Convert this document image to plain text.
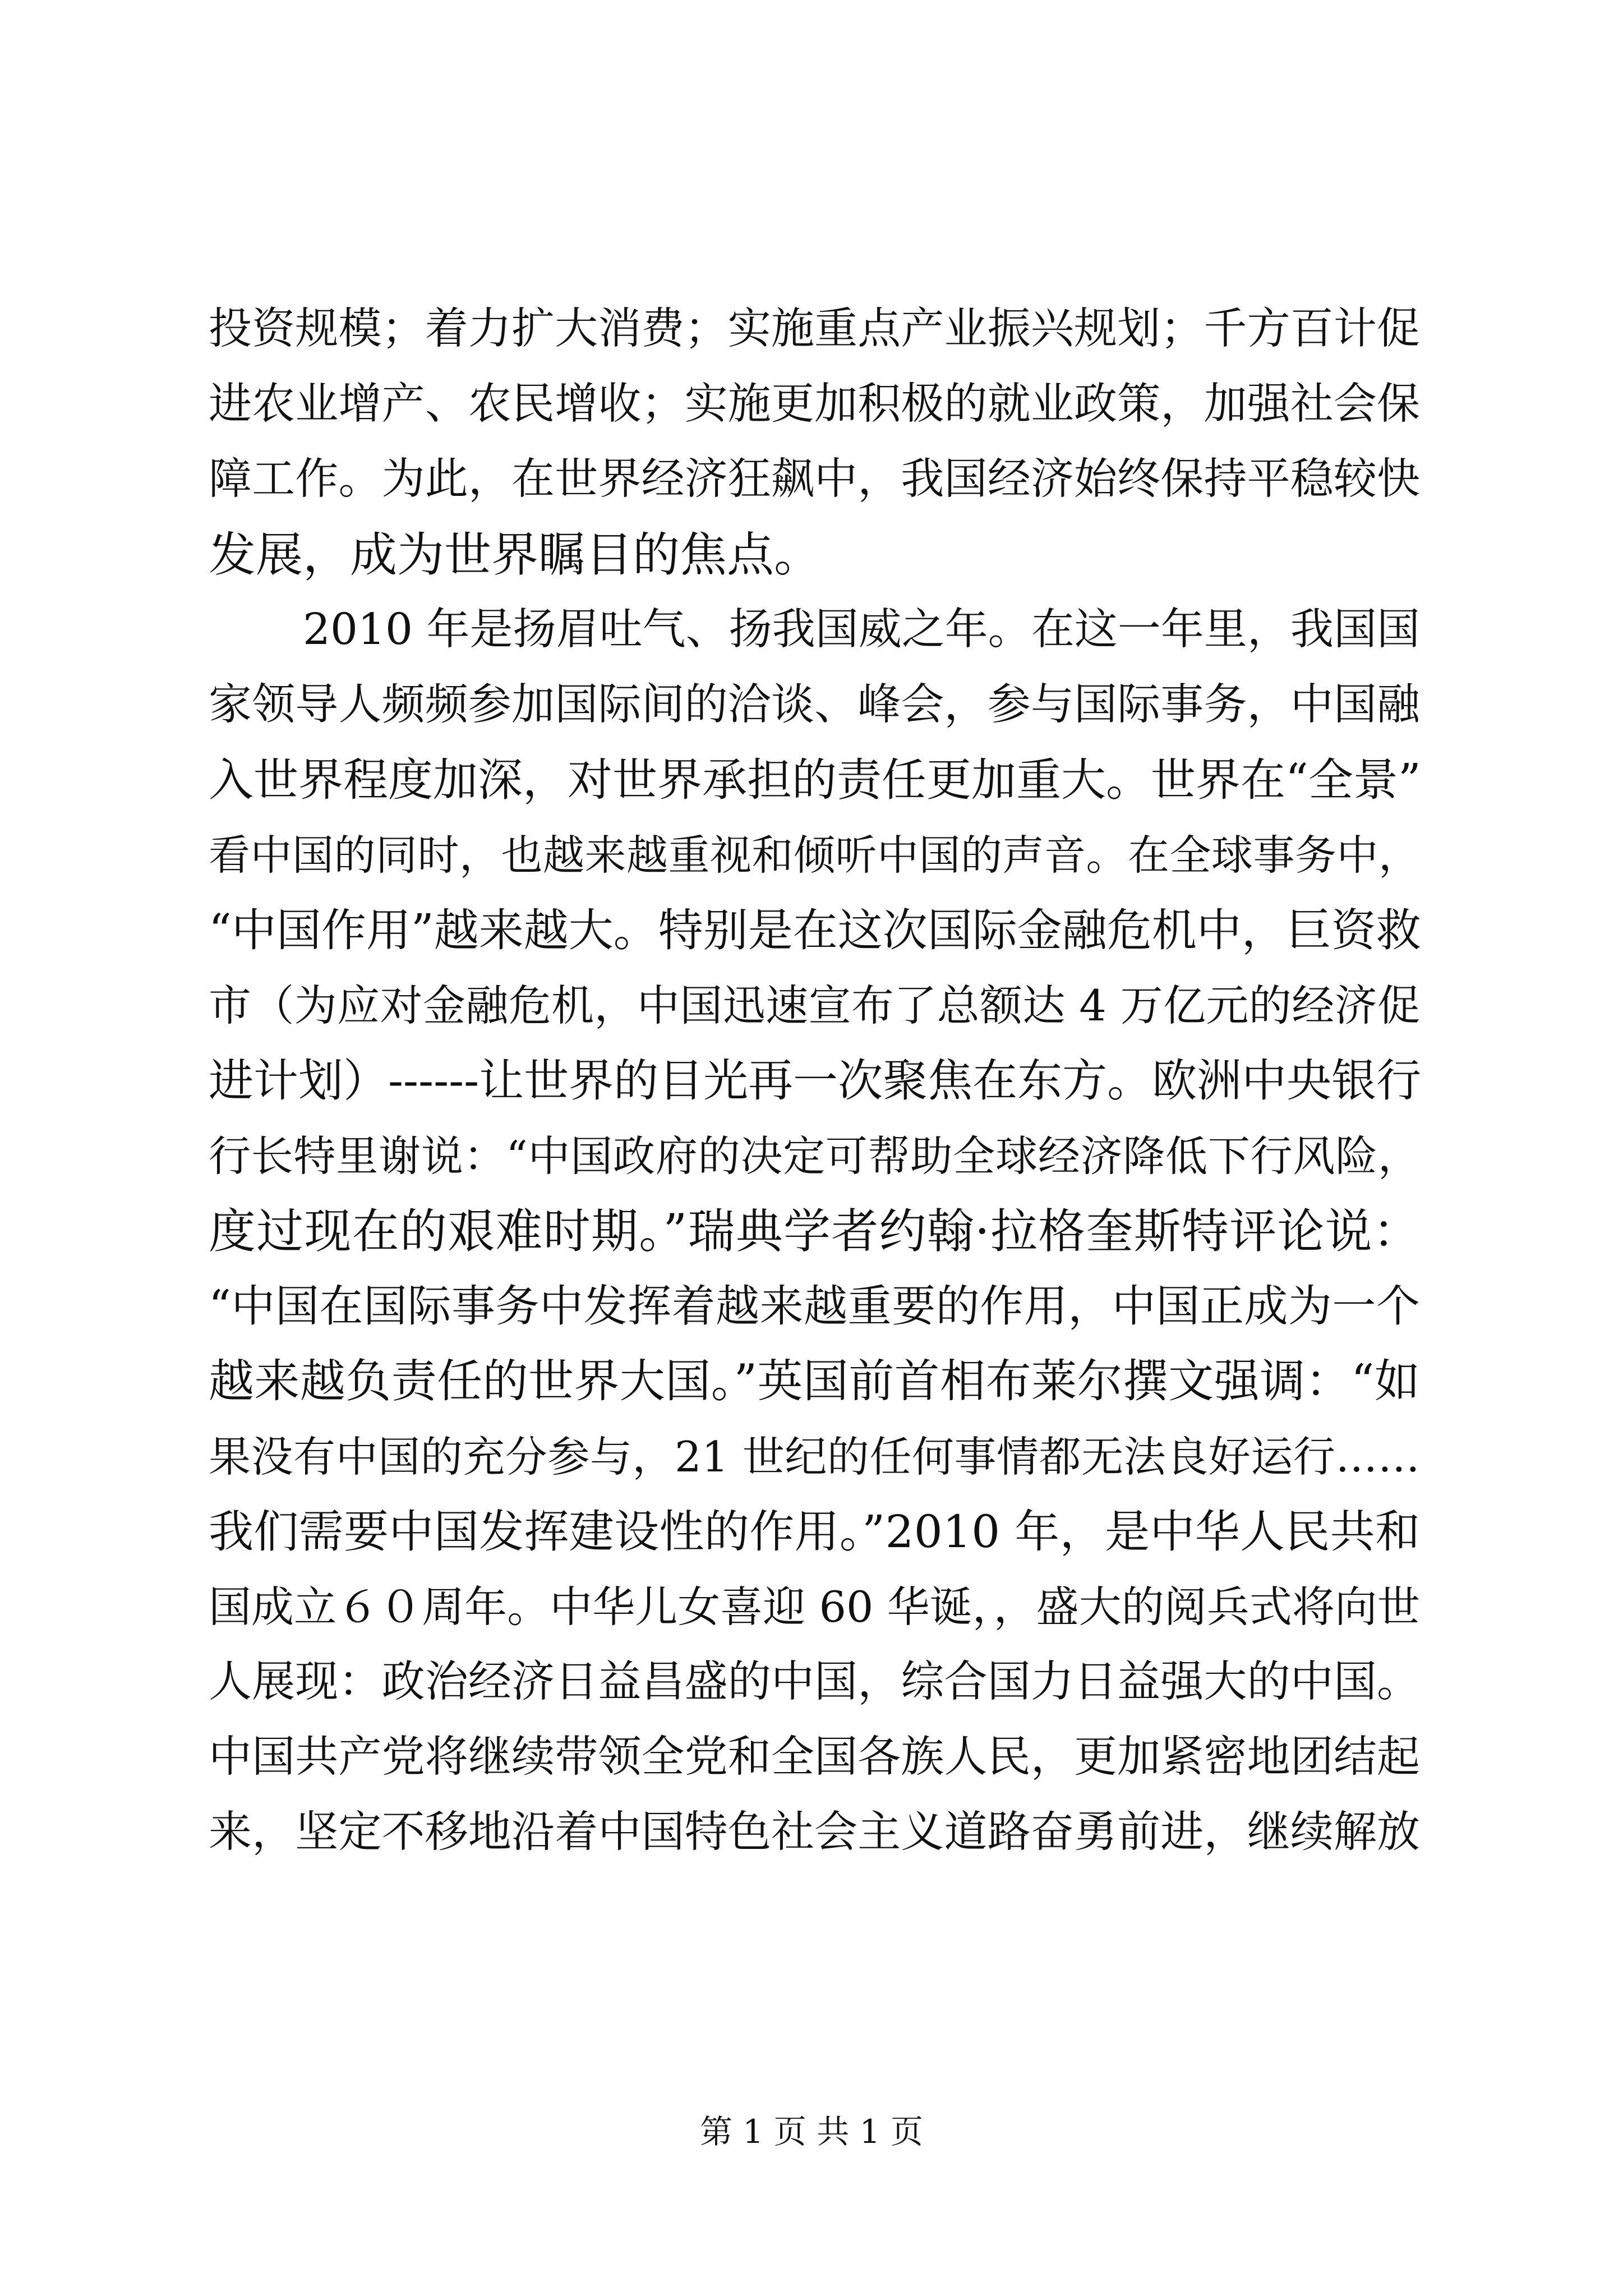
投资规模；着力扩大消费；实施重点产业振兴规划；千方百计促
进农业增产、农民增收；实施更加积极的就业政策，加强社会保
障工作。为此，在世界经济狂飙中，我国经济始终保持平稳较快
发展，成为世界瞩目的焦点。
2010 年是扬眉吐气、扬我国威之年。在这一年里，我国国
家领导人频频参加国际间的洽谈、峰会，参与国际事务，中国融
入世界程度加深，对世界承担的责任更加重大。世界在“全景”
看中国的同时，也越来越重视和倾听中国的声音。在全球事务中，
“中国作用”越来越大。特别是在这次国际金融危机中，巨资救
市（为应对金融危机，中国迅速宣布了总额达 4 万亿元的经济促
进计划）------让世界的目光再一次聚焦在东方。欧洲中央银行
行长特里谢说：“中国政府的决定可帮助全球经济降低下行风险，
度过现在的艰难时期。”瑞典学者约翰·拉格奎斯特评论说：
“中国在国际事务中发挥着越来越重要的作用，中国正成为一个
越来越负责任的世界大国。”英国前首相布莱尔撰文强调：“如
果没有中国的充分参与，21 世纪的任何事情都无法良好运行……
我们需要中国发挥建设性的作用。”2010 年，是中华人民共和
国成立６０周年。中华儿女喜迎 60 华诞，，盛大的阅兵式将向世
人展现：政治经济日益昌盛的中国，综合国力日益强大的中国。
中国共产党将继续带领全党和全国各族人民，更加紧密地团结起
来，坚定不移地沿着中国特色社会主义道路奋勇前进，继续解放
第 1 页 共 1 页
